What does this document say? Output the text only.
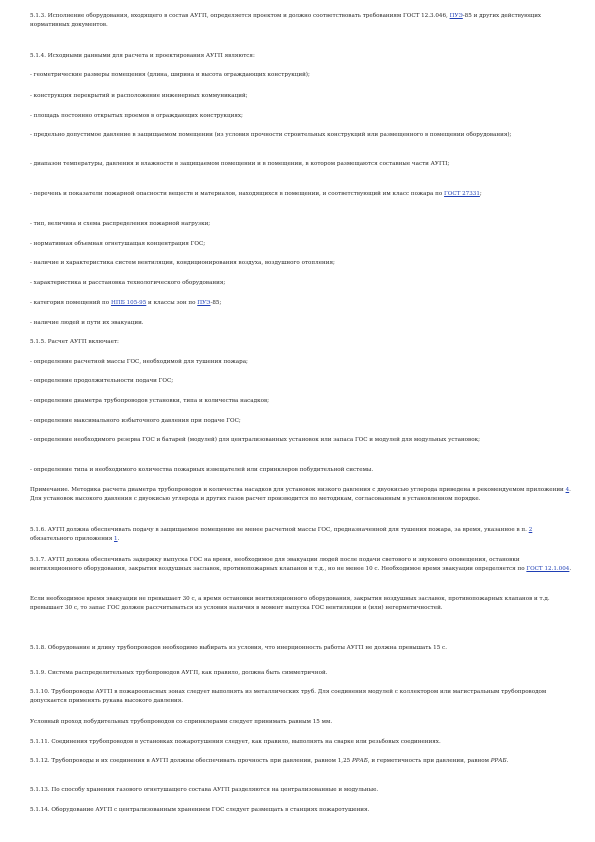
5.1.3. Исполнение оборудования, входящего в состав АУГП, определяется проектом и должно соответствовать требованиям ГОСТ 12.3.046, ПУЭ-85 и других действующих нормативных документов.

5.1.4. Исходными данными для расчета и проектирования АУГП являются:

- геометрические размеры помещения (длина, ширина и высота ограждающих конструкций);

- конструкция перекрытий и расположение инженерных коммуникаций;

- площадь постоянно открытых проемов в ограждающих конструкциях;

- предельно допустимое давление в защищаемом помещении (из условия прочности строительных конструкций или размещенного в помещении оборудования);

- диапазон температуры, давления и влажности в защищаемом помещении и в помещении, в котором размещаются составные части АУГП;

- перечень и показатели пожарной опасности веществ и материалов, находящихся в помещении, и соответствующий им класс пожара по ГОСТ 27331;

- тип, величина и схема распределения пожарной нагрузки;

- нормативная объемная огнетушащая концентрация ГОС;

- наличие и характеристика систем вентиляции, кондиционирования воздуха, воздушного отопления;

- характеристика и расстановка технологического оборудования;

- категория помещений по НПБ 105-95 и классы зон по ПУЭ-85;

- наличие людей и пути их эвакуации.

5.1.5. Расчет АУГП включает:

- определение расчетной массы ГОС, необходимой для тушения пожара;

- определение продолжительности подачи ГОС;

- определение диаметра трубопроводов установки, типа и количества насадков;

- определение максимального избыточного давления при подаче ГОС;

- определение необходимого резерва ГОС и батарей (модулей) для централизованных установок или запаса ГОС и модулей для модульных установок;

- определение типа и необходимого количества пожарных извещателей или спринклеров побудительной системы.

Примечание. Методика расчета диаметра трубопроводов и количества насадков для установок низкого давления с двуокисью углерода приведена в рекомендуемом приложении 4. Для установок высокого давления с двуокисью углерода и других газов расчет производится по методикам, согласованным в установленном порядке.

5.1.6. АУГП должна обеспечивать подачу в защищаемое помещение не менее расчетной массы ГОС, предназначенной для тушения пожара, за время, указанное в п. 2 обязательного приложения 1.

5.1.7. АУГП должна обеспечивать задержку выпуска ГОС на время, необходимое для эвакуации людей после подачи светового и звукового оповещения, остановки вентиляционного оборудования, закрытия воздушных заславок, противопожарных клапанов и т.д., но не менее 10 с. Необходимое время эвакуации определяется по ГОСТ 12.1.004.

Если необходимое время эвакуации не превышает 30 с, а время остановки вентиляционного оборудования, закрытия воздушных заславок, противопожарных клапанов и т.д. превышает 30 с, то запас ГОС должен рассчитываться из условия наличия в момент выпуска ГОС вентиляции и (или) негерметичностей.

5.1.8. Оборудование и длину трубопроводов необходимо выбирать из условия, что инерционность работы АУГП не должна превышать 15 с.

5.1.9. Система распределительных трубопроводов АУГП, как правило, должна быть симметричной.

5.1.10. Трубопроводы АУГП в пожароопасных зонах следует выполнять из металлических труб. Для соединения модулей с коллектором или магистральным трубопроводом допускается применять рукава высокого давления.

Условный проход побудительных трубопроводов со спринклерами следует принимать равным 15 мм.

5.1.11. Соединения трубопроводов в установках пожаротушения следует, как правило, выполнять на сварке или резьбовых соединениях.

5.1.12. Трубопроводы и их соединения в АУГП должны обеспечивать прочность при давлении, равном 1,25 PРАБ, и герметичность при давлении, равном PРАБ.

5.1.13. По способу хранения газового огнетушащего состава АУГП разделяются на централизованные и модульные.

5.1.14. Оборудование АУГП с централизованным хранением ГОС следует размещать в станциях пожаротушения.
